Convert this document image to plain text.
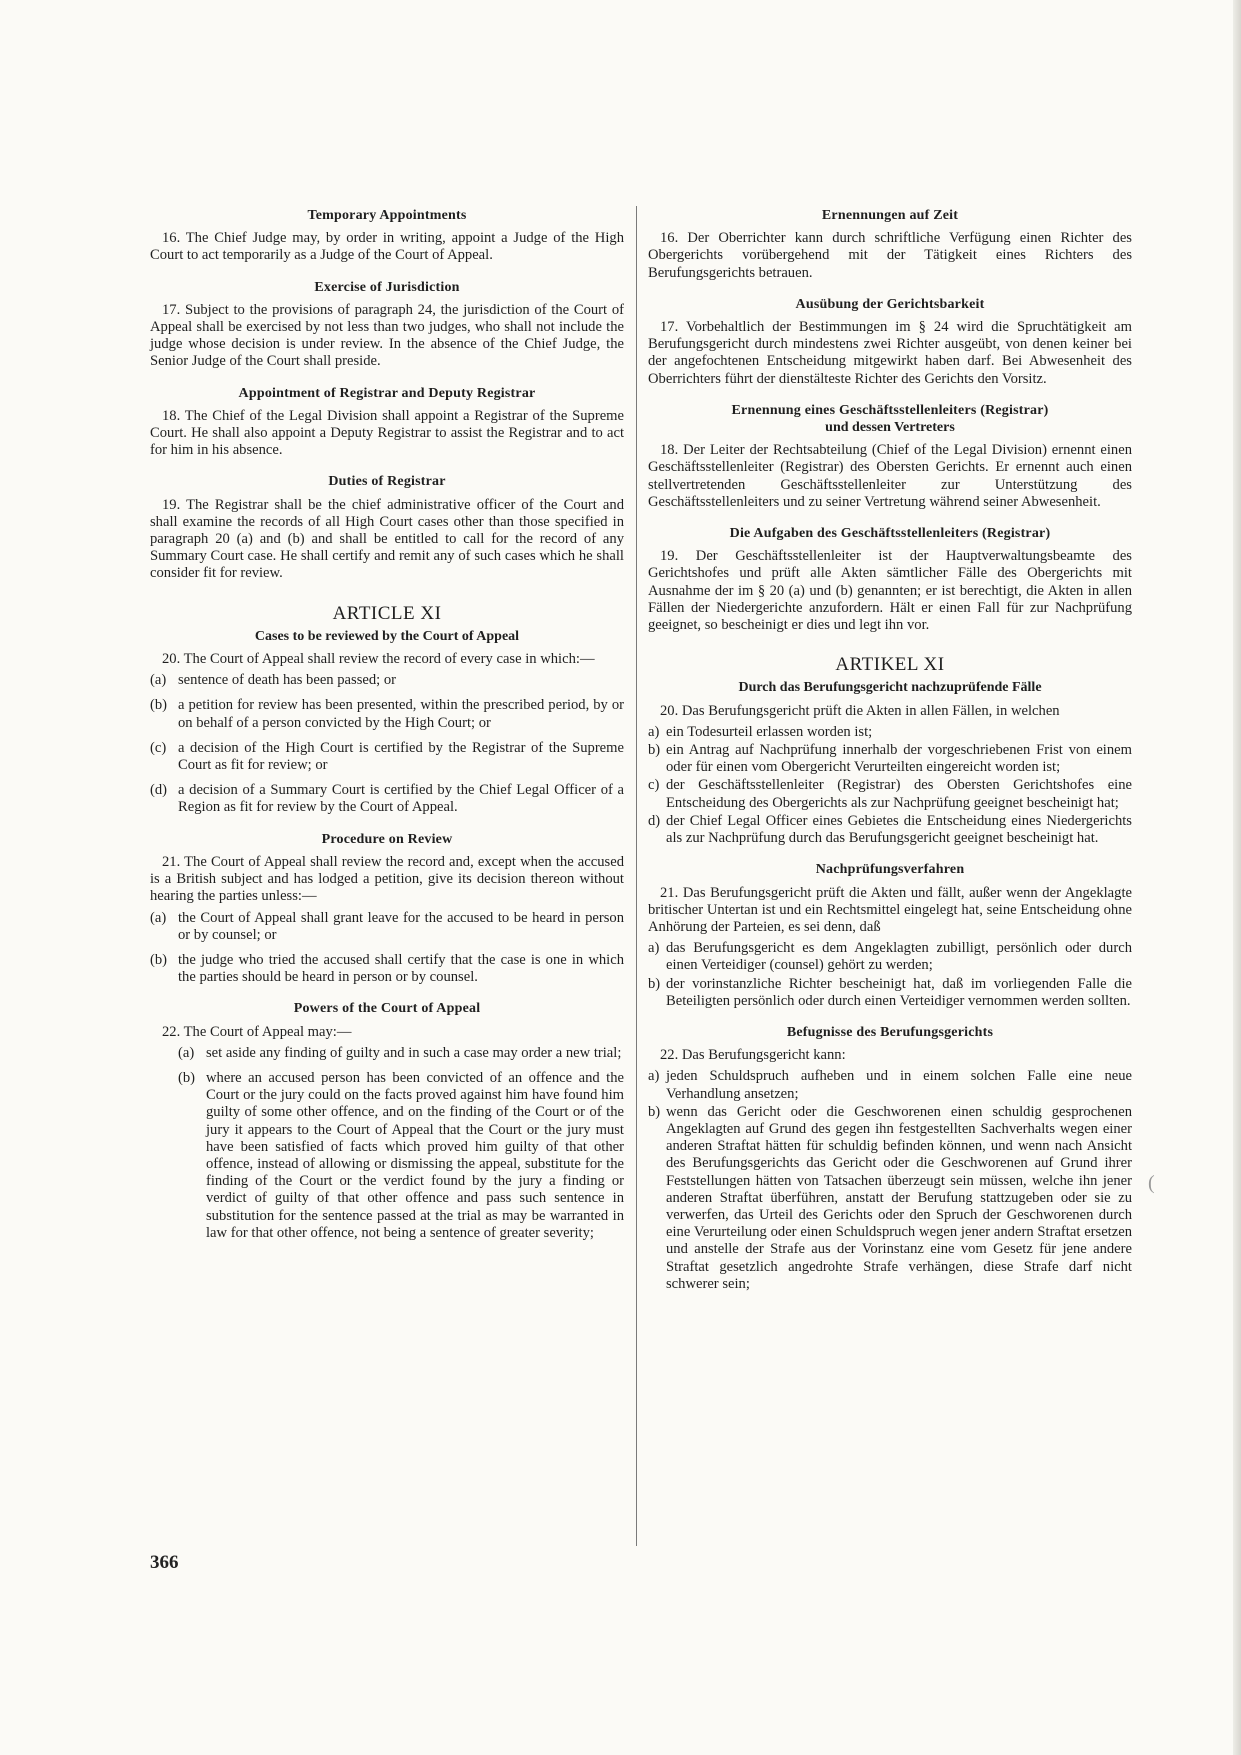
Temporary Appointments

16. The Chief Judge may, by order in writing, appoint a Judge of the High Court to act temporarily as a Judge of the Court of Appeal.

Exercise of Jurisdiction

17. Subject to the provisions of paragraph 24, the jurisdiction of the Court of Appeal shall be exercised by not less than two judges, who shall not include the judge whose decision is under review. In the absence of the Chief Judge, the Senior Judge of the Court shall preside.

Appointment of Registrar and Deputy Registrar

18. The Chief of the Legal Division shall appoint a Registrar of the Supreme Court. He shall also appoint a Deputy Registrar to assist the Registrar and to act for him in his absence.

Duties of Registrar

19. The Registrar shall be the chief administrative officer of the Court and shall examine the records of all High Court cases other than those specified in paragraph 20 (a) and (b) and shall be entitled to call for the record of any Summary Court case. He shall certify and remit any of such cases which he shall consider fit for review.

ARTICLE XI
Cases to be reviewed by the Court of Appeal

20. The Court of Appeal shall review the record of every case in which:—

(a) sentence of death has been passed; or
(b) a petition for review has been presented, within the prescribed period, by or on behalf of a person convicted by the High Court; or
(c) a decision of the High Court is certified by the Registrar of the Supreme Court as fit for review; or
(d) a decision of a Summary Court is certified by the Chief Legal Officer of a Region as fit for review by the Court of Appeal.
Procedure on Review

21. The Court of Appeal shall review the record and, except when the accused is a British subject and has lodged a petition, give its decision thereon without hearing the parties unless:—

(a) the Court of Appeal shall grant leave for the accused to be heard in person or by counsel; or
(b) the judge who tried the accused shall certify that the case is one in which the parties should be heard in person or by counsel.
Powers of the Court of Appeal

22. The Court of Appeal may:—

(a) set aside any finding of guilty and in such a case may order a new trial;
(b) where an accused person has been convicted of an offence and the Court or the jury could on the facts proved against him have found him guilty of some other offence, and on the finding of the Court or of the jury it appears to the Court of Appeal that the Court or the jury must have been satisfied of facts which proved him guilty of that other offence, instead of allowing or dismissing the appeal, substitute for the finding of the Court or the verdict found by the jury a finding or verdict of guilty of that other offence and pass such sentence in substitution for the sentence passed at the trial as may be warranted in law for that other offence, not being a sentence of greater severity;
Ernennungen auf Zeit

16. Der Oberrichter kann durch schriftliche Verfügung einen Richter des Obergerichts vorübergehend mit der Tätigkeit eines Richters des Berufungsgerichts betrauen.

Ausübung der Gerichtsbarkeit

17. Vorbehaltlich der Bestimmungen im § 24 wird die Spruchtätigkeit am Berufungsgericht durch mindestens zwei Richter ausgeübt, von denen keiner bei der angefochtenen Entscheidung mitgewirkt haben darf. Bei Abwesenheit des Oberrichters führt der dienstälteste Richter des Gerichts den Vorsitz.

Ernennung eines Geschäftsstellenleiters (Registrar)
und dessen Vertreters

18. Der Leiter der Rechtsabteilung (Chief of the Legal Division) ernennt einen Geschäftsstellenleiter (Registrar) des Obersten Gerichts. Er ernennt auch einen stellvertretenden Geschäftsstellenleiter zur Unterstützung des Geschäftsstellenleiters und zu seiner Vertretung während seiner Abwesenheit.

Die Aufgaben des Geschäftsstellenleiters (Registrar)

19. Der Geschäftsstellenleiter ist der Hauptverwaltungsbeamte des Gerichtshofes und prüft alle Akten sämtlicher Fälle des Obergerichts mit Ausnahme der im § 20 (a) und (b) genannten; er ist berechtigt, die Akten in allen Fällen der Niedergerichte anzufordern. Hält er einen Fall für zur Nachprüfung geeignet, so bescheinigt er dies und legt ihn vor.

ARTIKEL XI
Durch das Berufungsgericht nachzuprüfende Fälle

20. Das Berufungsgericht prüft die Akten in allen Fällen, in welchen

a) ein Todesurteil erlassen worden ist;
b) ein Antrag auf Nachprüfung innerhalb der vorgeschriebenen Frist von einem oder für einen vom Obergericht Verurteilten eingereicht worden ist;
c) der Geschäftsstellenleiter (Registrar) des Obersten Gerichtshofes eine Entscheidung des Obergerichts als zur Nachprüfung geeignet bescheinigt hat;
d) der Chief Legal Officer eines Gebietes die Entscheidung eines Niedergerichts als zur Nachprüfung durch das Berufungsgericht geeignet bescheinigt hat.
Nachprüfungsverfahren

21. Das Berufungsgericht prüft die Akten und fällt, außer wenn der Angeklagte britischer Untertan ist und ein Rechtsmittel eingelegt hat, seine Entscheidung ohne Anhörung der Parteien, es sei denn, daß

a) das Berufungsgericht es dem Angeklagten zubilligt, persönlich oder durch einen Verteidiger (counsel) gehört zu werden;
b) der vorinstanzliche Richter bescheinigt hat, daß im vorliegenden Falle die Beteiligten persönlich oder durch einen Verteidiger vernommen werden sollten.
Befugnisse des Berufungsgerichts

22. Das Berufungsgericht kann:

a) jeden Schuldspruch aufheben und in einem solchen Falle eine neue Verhandlung ansetzen;
b) wenn das Gericht oder die Geschworenen einen schuldig gesprochenen Angeklagten auf Grund des gegen ihn festgestellten Sachverhalts wegen einer anderen Straftat hätten für schuldig befinden können, und wenn nach Ansicht des Berufungsgerichts das Gericht oder die Geschworenen auf Grund ihrer Feststellungen hätten von Tatsachen überzeugt sein müssen, welche ihn jener anderen Straftat überführen, anstatt der Berufung stattzugeben oder sie zu verwerfen, das Urteil des Gerichts oder den Spruch der Geschworenen durch eine Verurteilung oder einen Schuldspruch wegen jener andern Straftat ersetzen und anstelle der Strafe aus der Vorinstanz eine vom Gesetz für jene andere Straftat gesetzlich angedrohte Strafe verhängen, diese Strafe darf nicht schwerer sein;
366
(
